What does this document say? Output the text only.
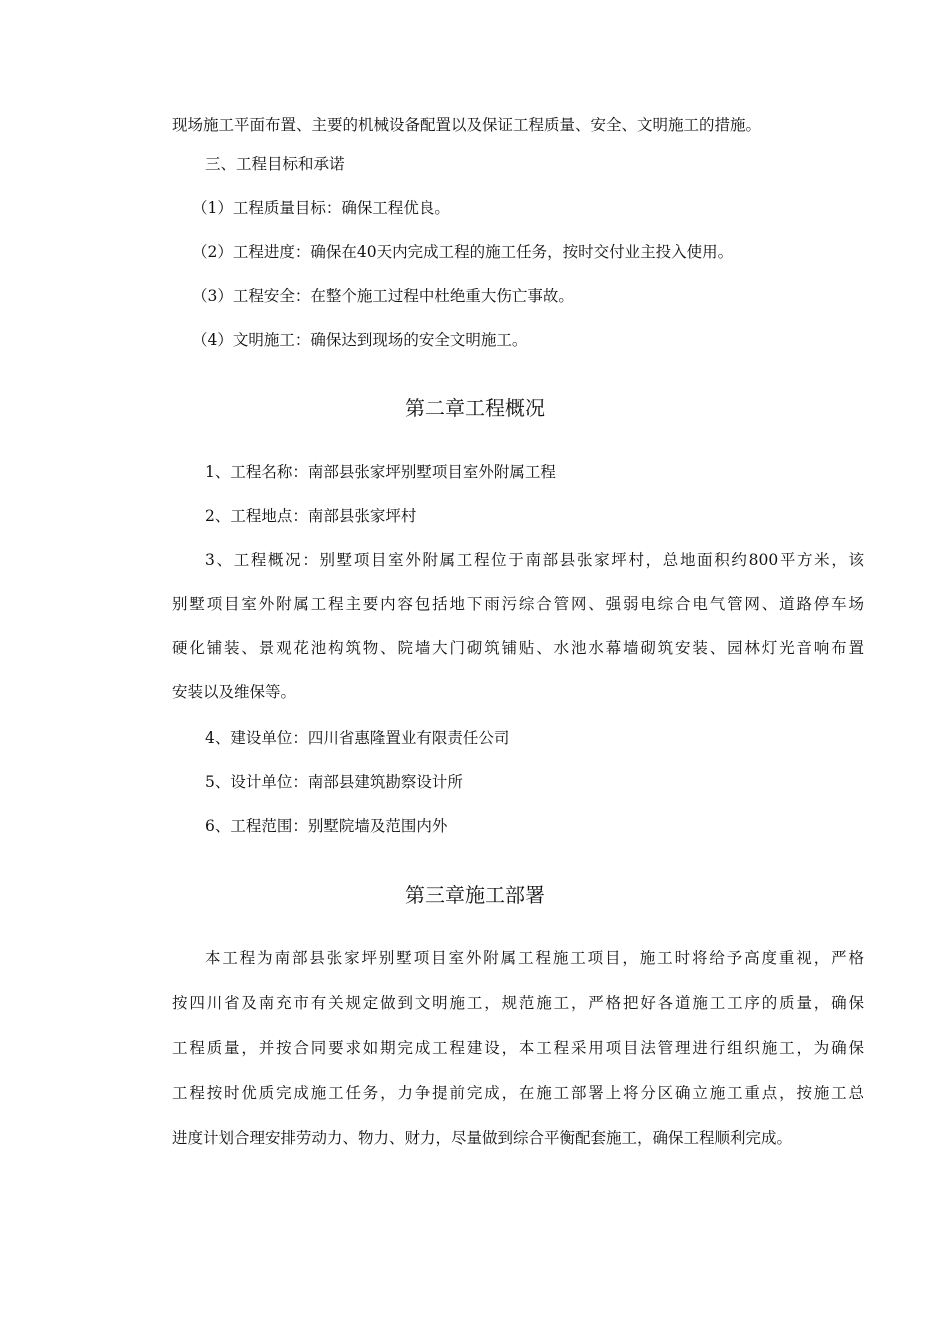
现场施工平面布置、主要的机械设备配置以及保证工程质量、安全、文明施工的措施。
三、工程目标和承诺
（1）工程质量目标：确保工程优良。
（2）工程进度：确保在40天内完成工程的施工任务，按时交付业主投入使用。
（3）工程安全：在整个施工过程中杜绝重大伤亡事故。
（4）文明施工：确保达到现场的安全文明施工。
第二章工程概况
1、工程名称：南部县张家坪别墅项目室外附属工程
2、工程地点：南部县张家坪村
3、工程概况：别墅项目室外附属工程位于南部县张家坪村，总地面积约800平方米，该
别墅项目室外附属工程主要内容包括地下雨污综合管网、强弱电综合电气管网、道路停车场
硬化铺装、景观花池构筑物、院墙大门砌筑铺贴、水池水幕墙砌筑安装、园林灯光音响布置
安装以及维保等。
4、建设单位：四川省惠隆置业有限责任公司
5、设计单位：南部县建筑勘察设计所
6、工程范围：别墅院墙及范围内外
第三章施工部署
本工程为南部县张家坪别墅项目室外附属工程施工项目，施工时将给予高度重视，严格
按四川省及南充市有关规定做到文明施工，规范施工，严格把好各道施工工序的质量，确保
工程质量，并按合同要求如期完成工程建设，本工程采用项目法管理进行组织施工，为确保
工程按时优质完成施工任务，力争提前完成，在施工部署上将分区确立施工重点，按施工总
进度计划合理安排劳动力、物力、财力，尽量做到综合平衡配套施工，确保工程顺利完成。
